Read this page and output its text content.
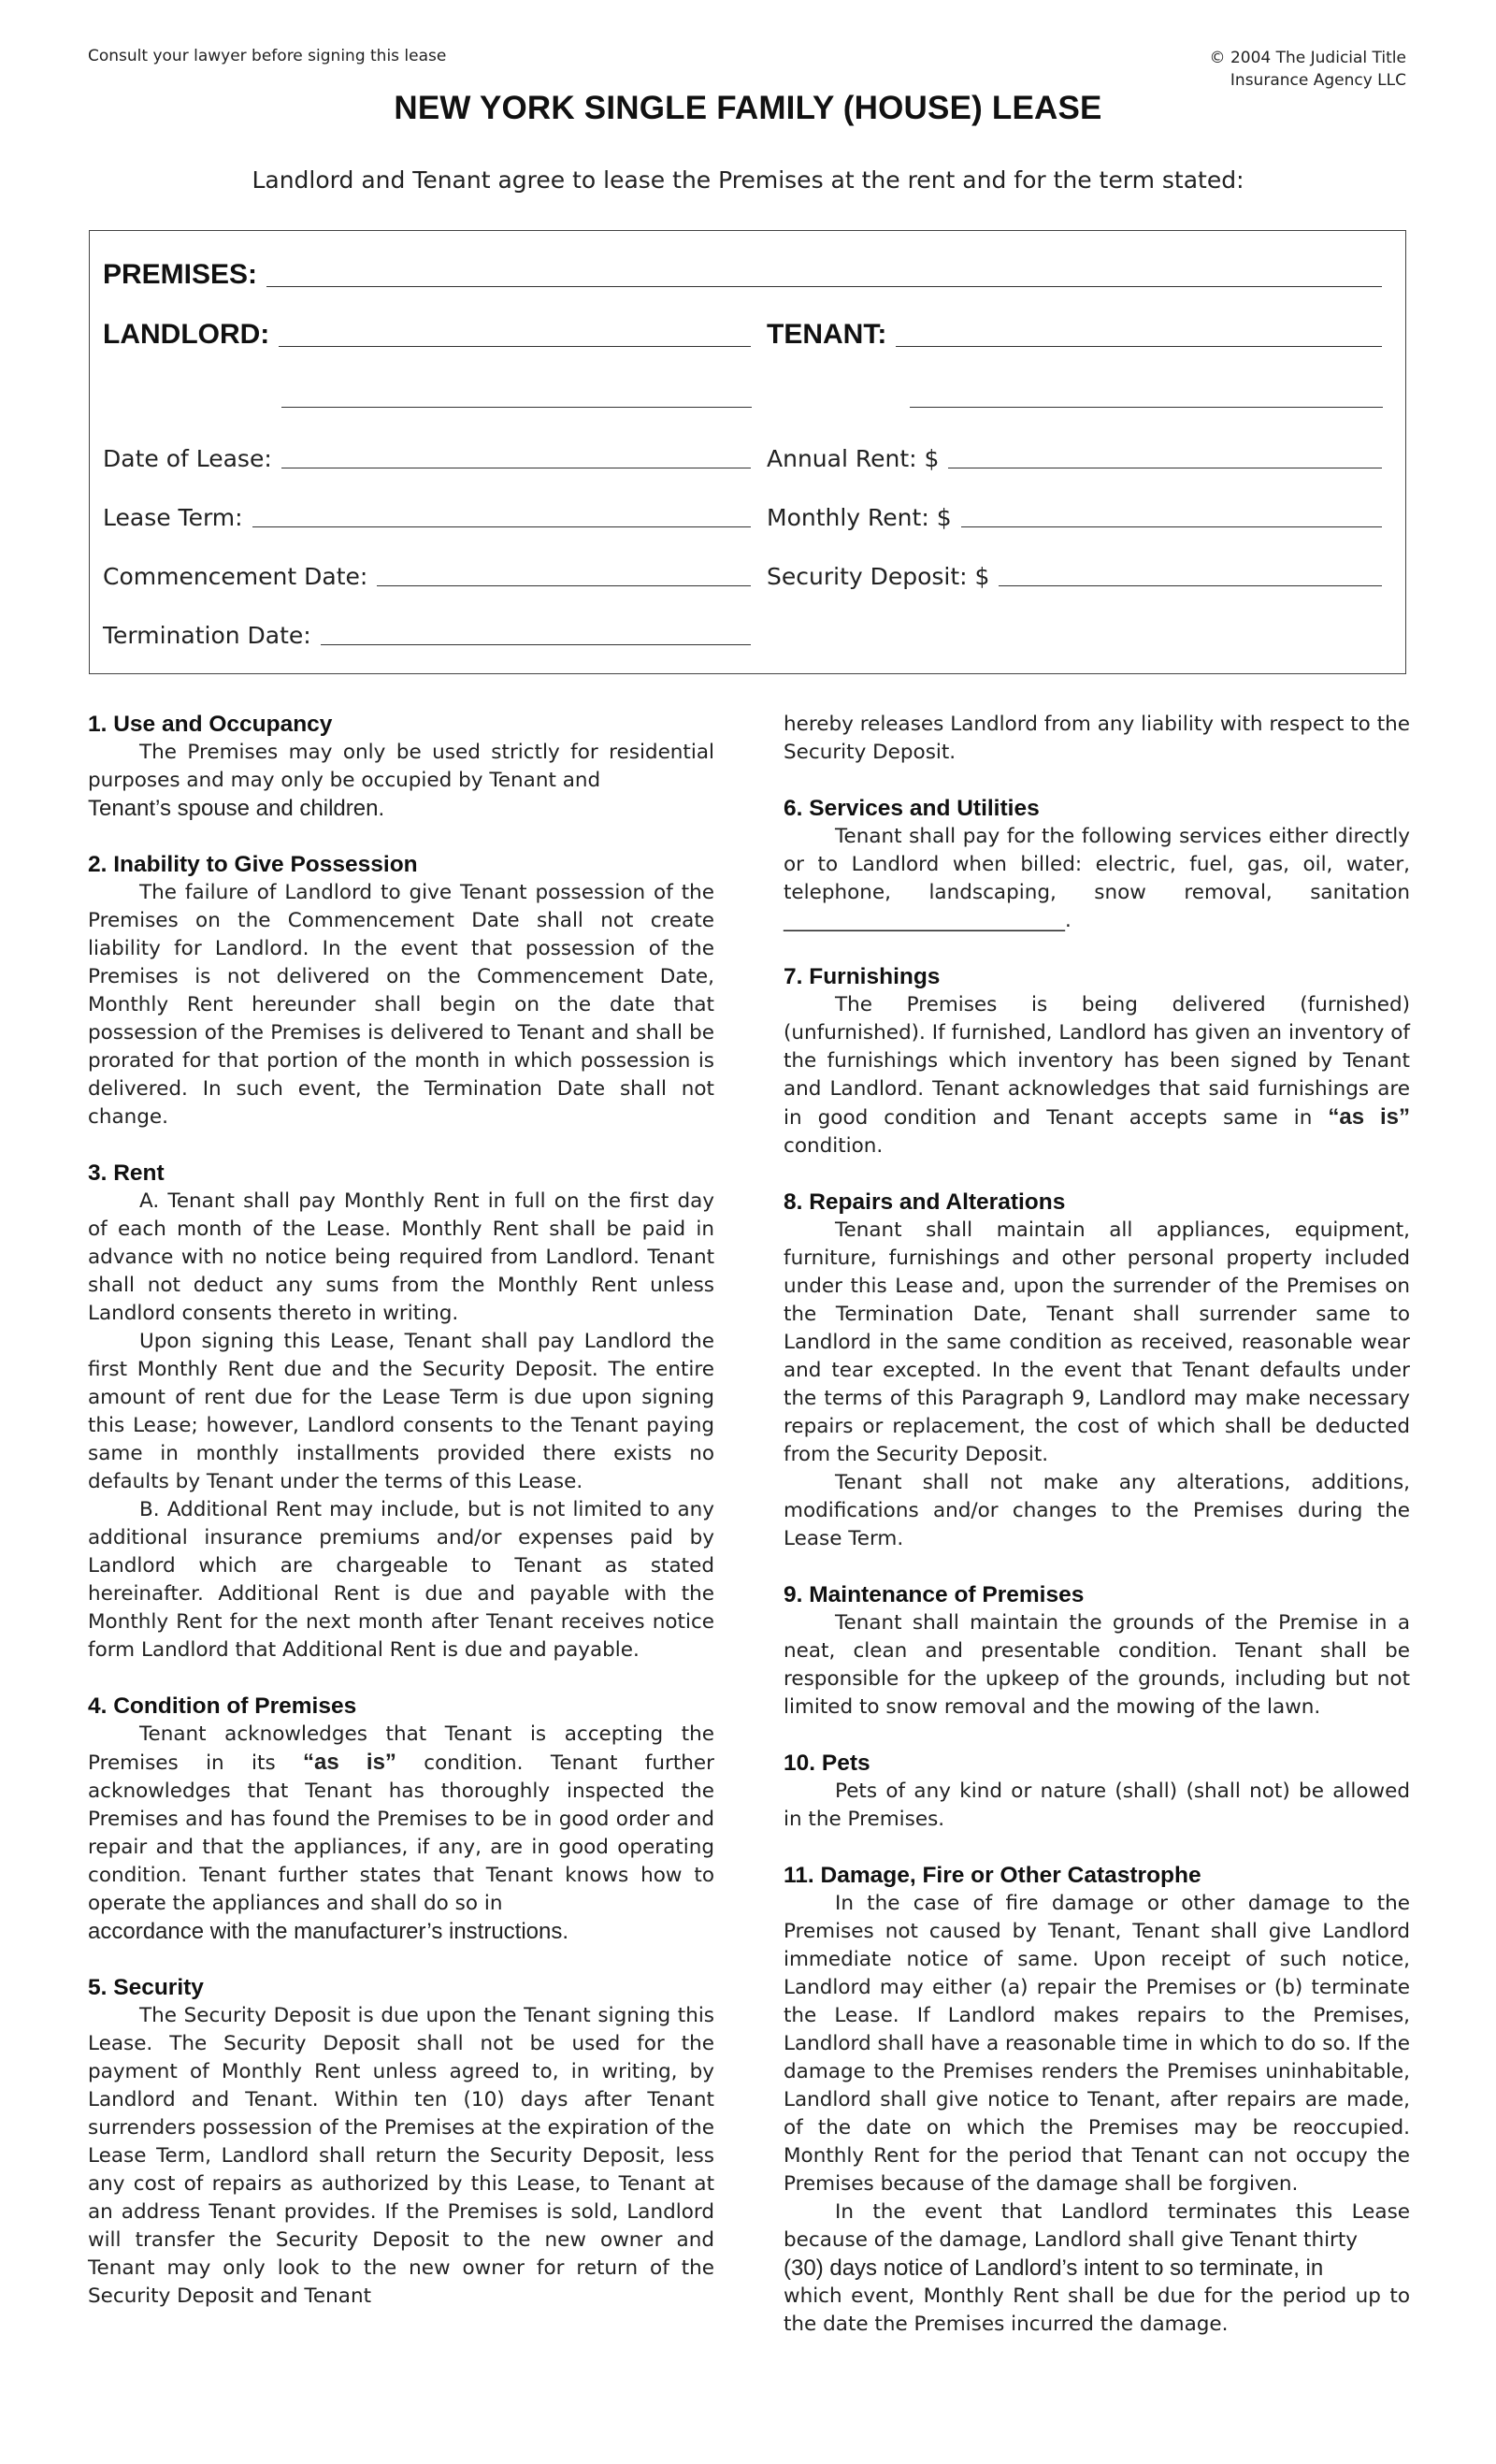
Consult your lawyer before signing this lease	© 2004 The Judicial Title
Insurance Agency LLC
NEW YORK SINGLE FAMILY (HOUSE) LEASE
Landlord and Tenant agree to lease the Premises at the rent and for the term stated:
PREMISES:
LANDLORD:	TENANT:
Date of Lease:	Annual Rent: $
Lease Term:	Monthly Rent: $
Commencement Date:	Security Deposit: $
Termination Date:
1. Use and Occupancy

The Premises may only be used strictly for residential purposes and may only be occupied by Tenant and

Tenant’s spouse and children.

2. Inability to Give Possession

The failure of Landlord to give Tenant possession of the Premises on the Commencement Date shall not create liability for Landlord. In the event that possession of the Premises is not delivered on the Commencement Date, Monthly Rent hereunder shall begin on the date that possession of the Premises is delivered to Tenant and shall be prorated for that portion of the month in which possession is delivered. In such event, the Termination Date shall not change.

3. Rent

A. Tenant shall pay Monthly Rent in full on the first day of each month of the Lease. Monthly Rent shall be paid in advance with no notice being required from Landlord. Tenant shall not deduct any sums from the Monthly Rent unless Landlord consents thereto in writing.

Upon signing this Lease, Tenant shall pay Landlord the first Monthly Rent due and the Security Deposit. The entire amount of rent due for the Lease Term is due upon signing this Lease; however, Landlord consents to the Tenant paying same in monthly installments provided there exists no defaults by Tenant under the terms of this Lease.

B. Additional Rent may include, but is not limited to any additional insurance premiums and/or expenses paid by Landlord which are chargeable to Tenant as stated hereinafter. Additional Rent is due and payable with the Monthly Rent for the next month after Tenant receives notice form Landlord that Additional Rent is due and payable.

4. Condition of Premises

Tenant acknowledges that Tenant is accepting the Premises in its “as is” condition. Tenant further acknowledges that Tenant has thoroughly inspected the Premises and has found the Premises to be in good order and repair and that the appliances, if any, are in good operating condition. Tenant further states that Tenant knows how to operate the appliances and shall do so in

accordance with the manufacturer’s instructions.

5. Security

The Security Deposit is due upon the Tenant signing this Lease. The Security Deposit shall not be used for the payment of Monthly Rent unless agreed to, in writing, by Landlord and Tenant. Within ten (10) days after Tenant surrenders possession of the Premises at the expiration of the Lease Term, Landlord shall return the Security Deposit, less any cost of repairs as authorized by this Lease, to Tenant at an address Tenant provides. If the Premises is sold, Landlord will transfer the Security Deposit to the new owner and Tenant may only look to the new owner for return of the Security Deposit and Tenant

hereby releases Landlord from any liability with respect to the Security Deposit.

6. Services and Utilities

Tenant shall pay for the following services either directly or to Landlord when billed: electric, fuel, gas, oil, water, telephone, landscaping, snow removal, sanitation ____________________________.

7. Furnishings

The Premises is being delivered (furnished) (unfurnished). If furnished, Landlord has given an inventory of the furnishings which inventory has been signed by Tenant and Landlord. Tenant acknowledges that said furnishings are in good condition and Tenant accepts same in “as is” condition.

8. Repairs and Alterations

Tenant shall maintain all appliances, equipment, furniture, furnishings and other personal property included under this Lease and, upon the surrender of the Premises on the Termination Date, Tenant shall surrender same to Landlord in the same condition as received, reasonable wear and tear excepted. In the event that Tenant defaults under the terms of this Paragraph 9, Landlord may make necessary repairs or replacement, the cost of which shall be deducted from the Security Deposit.

Tenant shall not make any alterations, additions, modifications and/or changes to the Premises during the Lease Term.

9. Maintenance of Premises

Tenant shall maintain the grounds of the Premise in a neat, clean and presentable condition. Tenant shall be responsible for the upkeep of the grounds, including but not limited to snow removal and the mowing of the lawn.

10. Pets

Pets of any kind or nature (shall) (shall not) be allowed in the Premises.

11. Damage, Fire or Other Catastrophe

In the case of fire damage or other damage to the Premises not caused by Tenant, Tenant shall give Landlord immediate notice of same. Upon receipt of such notice, Landlord may either (a) repair the Premises or (b) terminate the Lease. If Landlord makes repairs to the Premises, Landlord shall have a reasonable time in which to do so. If the damage to the Premises renders the Premises uninhabitable, Landlord shall give notice to Tenant, after repairs are made, of the date on which the Premises may be reoccupied. Monthly Rent for the period that Tenant can not occupy the Premises because of the damage shall be forgiven.

In the event that Landlord terminates this Lease because of the damage, Landlord shall give Tenant thirty

(30) days notice of Landlord’s intent to so terminate, in

which event, Monthly Rent shall be due for the period up to the date the Premises incurred the damage.
